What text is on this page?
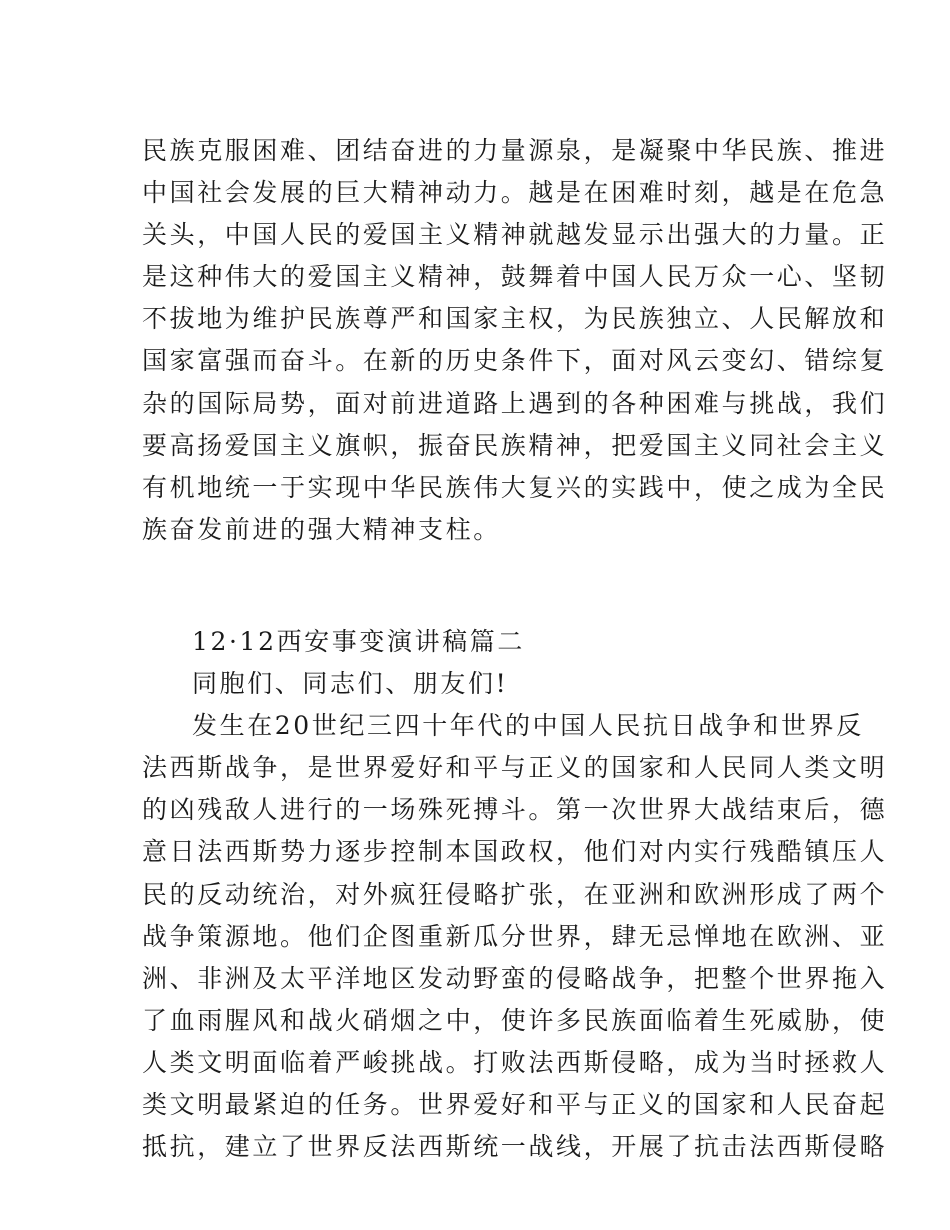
民族克服困难、团结奋进的力量源泉，是凝聚中华民族、推进
中国社会发展的巨大精神动力。越是在困难时刻，越是在危急
关头，中国人民的爱国主义精神就越发显示出强大的力量。正
是这种伟大的爱国主义精神，鼓舞着中国人民万众一心、坚韧
不拔地为维护民族尊严和国家主权，为民族独立、人民解放和
国家富强而奋斗。在新的历史条件下，面对风云变幻、错综复
杂的国际局势，面对前进道路上遇到的各种困难与挑战，我们
要高扬爱国主义旗帜，振奋民族精神，把爱国主义同社会主义
有机地统一于实现中华民族伟大复兴的实践中，使之成为全民
族奋发前进的强大精神支柱。
12·12西安事变演讲稿篇二
同胞们、同志们、朋友们!
发生在20世纪三四十年代的中国人民抗日战争和世界反
法西斯战争，是世界爱好和平与正义的国家和人民同人类文明
的凶残敌人进行的一场殊死搏斗。第一次世界大战结束后，德
意日法西斯势力逐步控制本国政权，他们对内实行残酷镇压人
民的反动统治，对外疯狂侵略扩张，在亚洲和欧洲形成了两个
战争策源地。他们企图重新瓜分世界，肆无忌惮地在欧洲、亚
洲、非洲及太平洋地区发动野蛮的侵略战争，把整个世界拖入
了血雨腥风和战火硝烟之中，使许多民族面临着生死威胁，使
人类文明面临着严峻挑战。打败法西斯侵略，成为当时拯救人
类文明最紧迫的任务。世界爱好和平与正义的国家和人民奋起
抵抗，建立了世界反法西斯统一战线，开展了抗击法西斯侵略
